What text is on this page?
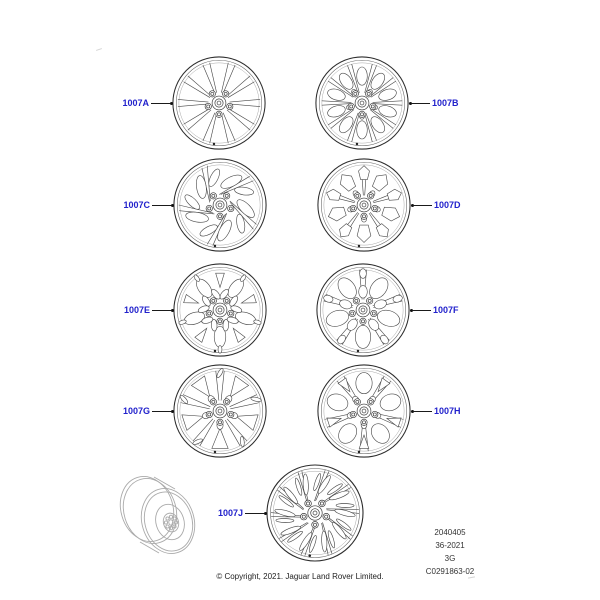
1007A	1007B
1007C	1007D
1007E	1007F
1007G	1007H
1007J
2040405
36-2021
3G
C0291863-02
© Copyright, 2021. Jaguar Land Rover Limited.
